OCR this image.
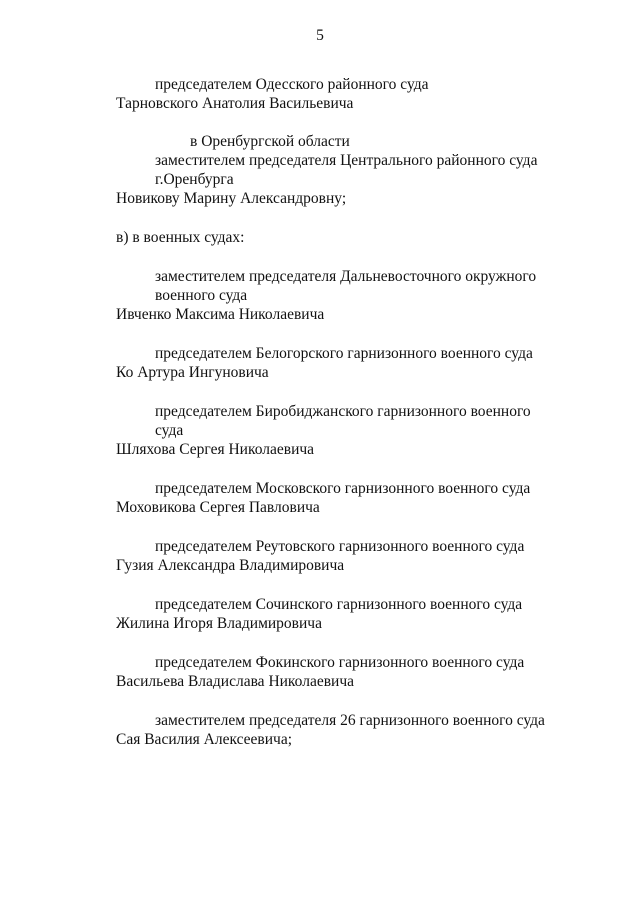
5
председателем Одесского районного суда
Тарновского Анатолия Васильевича
в Оренбургской области
заместителем председателя Центрального районного суда
г.Оренбурга
Новикову Марину Александровну;
в) в военных судах:
заместителем председателя Дальневосточного окружного
военного суда
Ивченко Максима Николаевича
председателем Белогорского гарнизонного военного суда
Ко Артура Ингуновича
председателем Биробиджанского гарнизонного военного
суда
Шляхова Сергея Николаевича
председателем Московского гарнизонного военного суда
Моховикова Сергея Павловича
председателем Реутовского гарнизонного военного суда
Гузия Александра Владимировича
председателем Сочинского гарнизонного военного суда
Жилина Игоря Владимировича
председателем Фокинского гарнизонного военного суда
Васильева Владислава Николаевича
заместителем председателя 26 гарнизонного военного суда
Сая Василия Алексеевича;
